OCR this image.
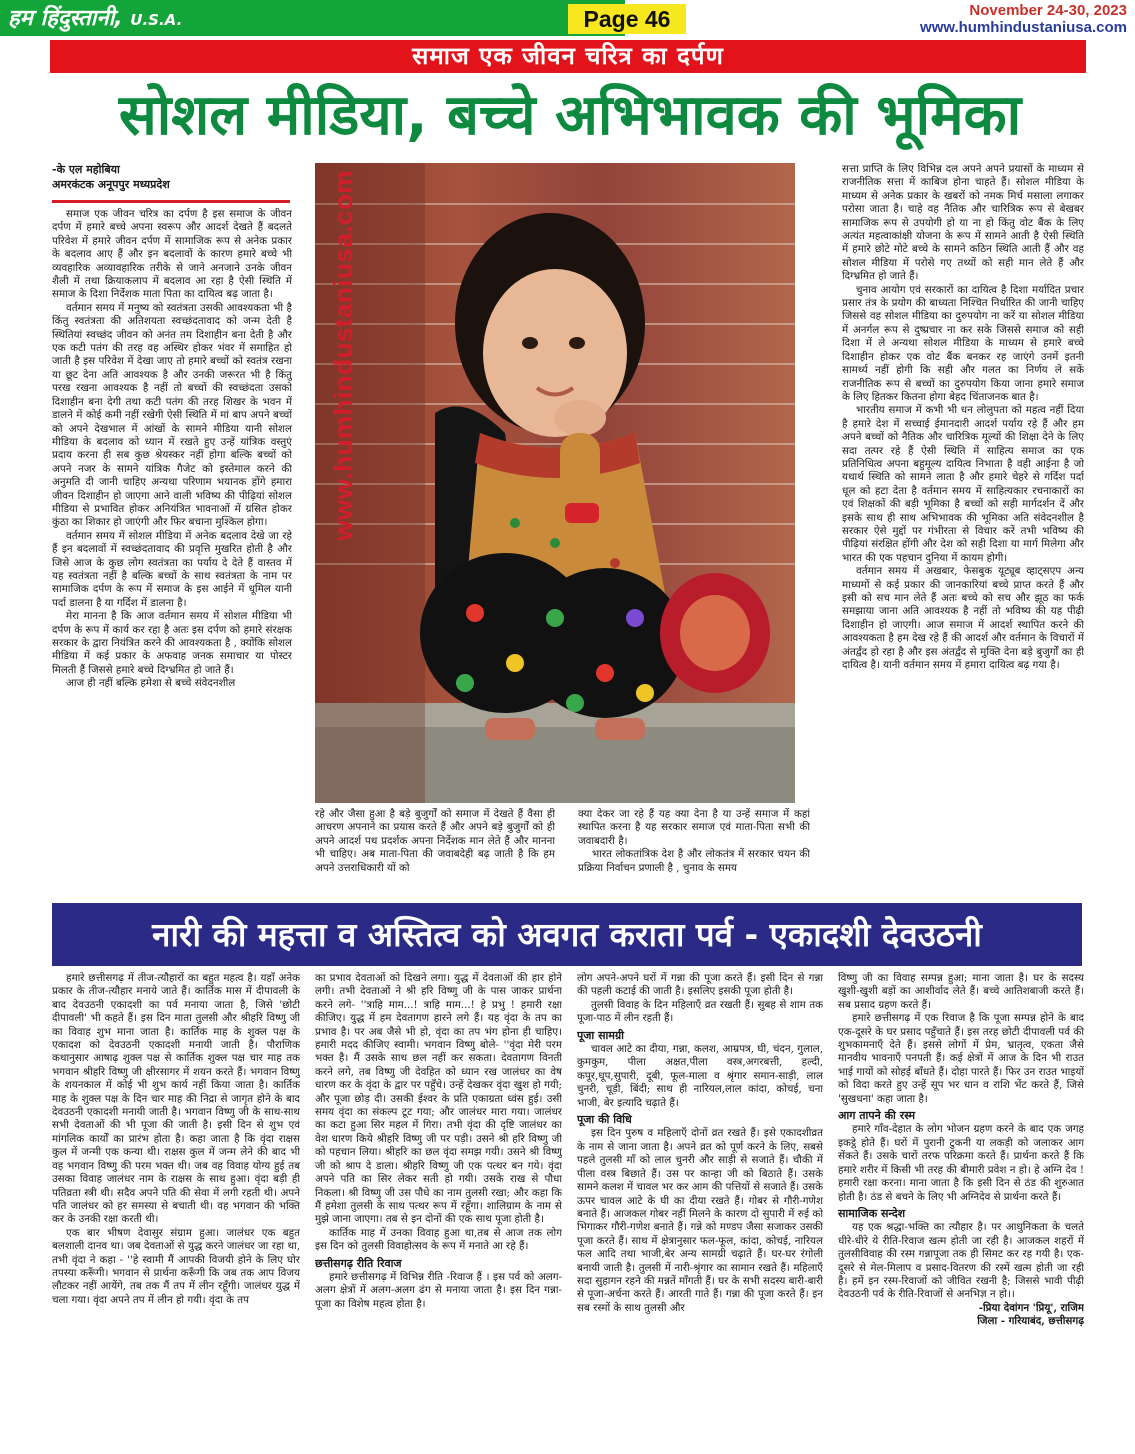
हम हिंदुस्तानी, U.S.A.	Page 46	November 24-30, 2023
www.humhindustaniusa.com
समाज एक जीवन चरित्र का दर्पण
सोशल मीडिया, बच्चे अभिभावक की भूमिका
-के एल महोबिया
अमरकंटक अनूपपुर मध्यप्रदेश

समाज एक जीवन चरित्र का दर्पण है इस समाज के जीवन दर्पण में हमारे बच्चे अपना स्वरूप और आदर्श देखते हैं बदलते परिवेश में हमारे जीवन दर्पण में सामाजिक रूप से अनेक प्रकार के बदलाव आए हैं और इन बदलावों के कारण हमारे बच्चे भी व्यवहारिक अव्यावहारिक तरीके से जाने अनजाने उनके जीवन शैली में तथा क्रियाकलाप में बदलाव आ रहा है ऐसी स्थिति में समाज के दिशा निर्देशक माता पिता का दायित्व बढ़ जाता है।

वर्तमान समय में मनुष्य को स्वतंत्रता उसकी आवश्यकता भी है किंतु स्वतंत्रता की अतिशयता स्वच्छंदतावाद को जन्म देती है स्थितियां स्वच्छंद जीवन को अनंत तम दिशाहीन बना देती है और एक कटी पतंग की तरह वह अस्थिर होकर भंवर में समाहित हो जाती है इस परिवेश में देखा जाए तो हमारे बच्चों को स्वतंत्र रखना या छूट देना अति आवश्यक है और उनकी जरूरत भी है किंतु परख रखना आवश्यक है नहीं तो बच्चों की स्वच्छंदता उसको दिशाहीन बना देगी तथा कटी पतंग की तरह शिखर के भवन में डालने में कोई कमी नहीं रखेगी ऐसी स्थिति में मां बाप अपने बच्चों को अपने देखभाल में आंखों के सामने मीडिया यानी सोशल मीडिया के बदलाव को ध्यान में रखते हुए उन्हें यांत्रिक वस्तुएं प्रदाय करना ही सब कुछ श्रेयस्कर नहीं होगा बल्कि बच्चों को अपने नजर के सामने यांत्रिक गैजेट को इस्तेमाल करने की अनुमति दी जानी चाहिए अन्यथा परिणाम भयानक होंगे हमारा जीवन दिशाहीन हो जाएगा आने वाली भविष्य की पीढ़ियां सोशल मीडिया से प्रभावित होकर अनियंत्रित भावनाओं में ग्रसित होकर कुंठा का शिकार हो जाएंगी और फिर बचाना मुश्किल होगा।

वर्तमान समय में सोशल मीडिया में अनेक बदलाव देखे जा रहे हैं इन बदलावों में स्वच्छंदतावाद की प्रवृत्ति मुखरित होती है और जिसे आज के कुछ लोग स्वतंत्रता का पर्याय दे देते हैं वास्तव में यह स्वतंत्रता नहीं है बल्कि बच्चों के साथ स्वतंत्रता के नाम पर सामाजिक दर्पण के रूप में समाज के इस आईने में धूमिल यानी पर्दा डालना है या गर्दिश में डालना है।

मेरा मानना है कि आज वर्तमान समय में सोशल मीडिया भी दर्पण के रूप में कार्य कर रहा है अतः इस दर्पण को हमारे संरक्षक सरकार के द्वारा नियंत्रित करने की आवश्यकता है , क्योंकि सोशल मीडिया में कई प्रकार के अफवाह जनक समाचार या पोस्टर मिलती हैं जिससे हमारे बच्चे दिग्भ्रमित हो जाते हैं।

आज ही नहीं बल्कि हमेशा से बच्चे संवेदनशील

www.humhindustaniusa.com

रहे और जैसा हुआ है बड़े बुजुर्गों को समाज में देखते हैं वैसा ही आचरण अपनाने का प्रयास करते हैं और अपने बड़े बुजुर्गों को ही अपने आदर्श पथ प्रदर्शक अपना निर्देशक मान लेते हैं और मानना भी चाहिए। अब माता-पिता की जवाबदेही बढ़ जाती है कि हम अपने उत्तराधिकारी यों को

क्या देकर जा रहे हैं यह क्या देना है या उन्हें समाज में कहां स्थापित करना है यह सरकार समाज एवं माता-पिता सभी की जवाबदारी है।

भारत लोकतांत्रिक देश है और लोकतंत्र में सरकार चयन की प्रक्रिया निर्वाचन प्रणाली है , चुनाव के समय

सत्ता प्राप्ति के लिए विभिन्न दल अपने अपने प्रयासों के माध्यम से राजनीतिक सत्ता में काबिज होना चाहते हैं। सोशल मीडिया के माध्यम से अनेक प्रकार के खबरों को नमक मिर्च मसाला लगाकर परोसा जाता है। चाहे वह नैतिक और चारित्रिक रूप से बेखबर सामाजिक रूप से उपयोगी हो या ना हो किंतु वोट बैंक के लिए अत्यंत महत्वाकांक्षी योजना के रूप में सामने आती है ऐसी स्थिति में हमारे छोटे मोटे बच्चे के सामने कठिन स्थिति आती हैं और वह सोशल मीडिया में परोसे गए तथ्यों को सही मान लेते हैं और दिग्भ्रमित हो जाते हैं।

चुनाव आयोग एवं सरकारों का दायित्व है दिशा मर्यादित प्रचार प्रसार तंत्र के प्रयोग की बाध्यता निश्चित निर्धारित की जानी चाहिए जिससे वह सोशल मीडिया का दुरुपयोग ना करें या सोशल मीडिया में अनर्गल रूप से दुष्प्रचार ना कर सके जिससे समाज को सही दिशा में ले अन्यथा सोशल मीडिया के माध्यम से हमारे बच्चे दिशाहीन होकर एक वोट बैंक बनकर रह जाएंगे उनमें इतनी सामर्थ्य नहीं होगी कि सही और गलत का निर्णय ले सकें राजनीतिक रूप से बच्चों का दुरुपयोग किया जाना हमारे समाज के लिए हितकर कितना होगा बेहद चिंताजनक बात है।

भारतीय समाज में कभी भी धन लोलुपता को महत्व नहीं दिया है हमारे देश में सच्चाई ईमानदारी आदर्श पर्याय रहे हैं और हम अपने बच्चों को नैतिक और चारित्रिक मूल्यों की शिक्षा देने के लिए सदा तत्पर रहे हैं ऐसी स्थिति में साहित्य समाज का एक प्रतिनिधित्व अपना बहुमूल्य दायित्व निभाता है वही आईना है जो यथार्थ स्थिति को सामने लाता है और हमारे चेहरे से गर्दिश पर्दा धूल को हटा देता है वर्तमान समय में साहित्यकार रचनाकारों का एवं शिक्षकों की बड़ी भूमिका है बच्चों को सही मार्गदर्शन दें और इसके साथ ही साथ अभिभावक की भूमिका अति संवेदनशील है सरकार ऐसे मुद्दों पर गंभीरता से विचार करें तभी भविष्य की पीढ़ियां संरक्षित होंगी और देश को सही दिशा या मार्ग मिलेगा और भारत की एक पहचान दुनिया में कायम होगी।

वर्तमान समय में अखबार, फेसबुक यूट्यूब व्हाट्सएप अन्य माध्यमों से कई प्रकार की जानकारियां बच्चे प्राप्त करते हैं और इसी को सच मान लेते हैं अतः बच्चे को सच और झूठ का फर्क समझाया जाना अति आवश्यक है नहीं तो भविष्य की यह पीढ़ी दिशाहीन हो जाएगी। आज समाज में आदर्श स्थापित करने की आवश्यकता है हम देख रहे हैं की आदर्श और वर्तमान के विचारों में अंतर्द्वंद हो रहा है और इस अंतर्द्वंद से मुक्ति देना बड़े बुजुर्गों का ही दायित्व है। यानी वर्तमान समय में हमारा दायित्व बढ़ गया है।

नारी की महत्ता व अस्तित्व को अवगत कराता पर्व - एकादशी देवउठनी

हमारे छत्तीसगढ़ में तीज-त्यौहारों का बहुत महत्व है। यहाँ अनेक प्रकार के तीज-त्यौहार मनाये जाते हैं। कार्तिक मास में दीपावली के बाद देवउठनी एकादशी का पर्व मनाया जाता है, जिसे 'छोटी दीपावली' भी कहते हैं। इस दिन माता तुलसी और श्रीहरि विष्णु जी का विवाह शुभ माना जाता है। कार्तिक माह के शुक्ल पक्ष के एकादश को देवउठनी एकादशी मनायी जाती है। पौराणिक कथानुसार आषाढ़ शुक्ल पक्ष से कार्तिक शुक्ल पक्ष चार माह तक भगवान श्रीहरि विष्णु जी क्षीरसागर में शयन करते हैं। भगवान विष्णु के शयनकाल में कोई भी शुभ कार्य नहीं किया जाता है। कार्तिक माह के शुक्ल पक्ष के दिन चार माह की निद्रा से जागृत होने के बाद देवउठनी एकादशी मनायी जाती है। भगवान विष्णु जी के साथ-साथ सभी देवताओं की भी पूजा की जाती है। इसी दिन से शुभ एवं मांगलिक कार्यों का प्रारंभ होता है। कहा जाता है कि वृंदा राक्षस कुल में जन्मी एक कन्या थी। राक्षस कुल में जन्म लेने की बाद भी वह भगवान विष्णु की परम भक्त थी। जब वह विवाह योग्य हुई तब उसका विवाह जालंधर नाम के राक्षस के साथ हुआ। वृंदा बड़ी ही पतिव्रता स्त्री थी। सदैव अपने पति की सेवा में लगी रहती थी। अपने पति जालंधर को हर समस्या से बचाती थी। वह भगवान की भक्ति कर के उनकी रक्षा करती थी।

एक बार भीषण देवासुर संग्राम हुआ। जालंधर एक बहुत बलशाली दानव था। जब देवताओं से युद्ध करने जालंधर जा रहा था, तभी वृंदा ने कहा - ''हे स्वामी मैं आपकी विजयी होने के लिए घोर तपस्या करूँगी। भगवान से प्रार्थना करूँगी कि जब तक आप विजय लौटकर नहीं आयेंगे, तब तक मैं तप में लीन रहूँगी। जालंधर युद्ध में चला गया। वृंदा अपने तप में लीन हो गयी। वृंदा के तप

का प्रभाव देवताओं को दिखने लगा। युद्ध में देवताओं की हार होने लगी। तभी देवताओं ने श्री हरि विष्णु जी के पास जाकर प्रार्थना करने लगे- ''त्राहि माम...! त्राहि माम...! हे प्रभु ! हमारी रक्षा कीजिए। युद्ध में हम देवतागण हारने लगे हैं। यह वृंदा के तप का प्रभाव है। पर अब जैसे भी हो, वृंदा का तप भंग होना ही चाहिए। हमारी मदद कीजिए स्वामी। भगवान विष्णु बोले- ''वृंदा मेरी परम भक्त है। मैं उसके साथ छल नहीं कर सकता। देवतागण विनती करने लगे, तब विष्णु जी देवहित को ध्यान रख जालंधर का वेष धारण कर के वृंदा के द्वार पर पहुँचे। उन्हें देखकर वृंदा खुश हो गयी; और पूजा छोड़ दी। उसकी ईश्वर के प्रति एकाग्रता ध्वंस हुई। उसी समय वृंदा का संकल्प टूट गया; और जालंधर मारा गया। जालंधर का कटा हुआ सिर महल में गिरा। तभी वृंदा की दृष्टि जालंधर का वेश धारण किये श्रीहरि विष्णु जी पर पड़ी। उसने श्री हरि विष्णु जी को पहचान लिया। श्रीहरि का छल वृंदा समझ गयी। उसने श्री विष्णु जी को श्राप दे डाला। श्रीहरि विष्णु जी एक पत्थर बन गये। वृंदा अपने पति का सिर लेकर सती हो गयी। उसके राख से पौधा निकला। श्री विष्णु जी उस पौधे का नाम तुलसी रखा; और कहा कि मैं हमेशा तुलसी के साथ पत्थर रूप में रहूँगा। शालिग्राम के नाम से मुझे जाना जाएगा। तब से इन दोनों की एक साथ पूजा होती है।

कार्तिक माह में उनका विवाह हुआ था,तब से आज तक लोग इस दिन को तुलसी विवाहोत्सव के रूप में मनाते आ रहे हैं।

छत्तीसगढ़ रीति रिवाज

हमारे छत्तीसगढ़ में विभिन्न रीति -रिवाज हैं । इस पर्व को अलग-अलग क्षेत्रों में अलग-अलग ढंग से मनाया जाता है। इस दिन गन्ना-पूजा का विशेष महत्व होता है।

लोग अपने-अपने घरों में गन्ना की पूजा करते हैं। इसी दिन से गन्ना की पहली कटाई की जाती है। इसलिए इसकी पूजा होती है।

तुलसी विवाह के दिन महिलाएँ व्रत रखती हैं। सुबह से शाम तक पूजा-पाठ में लीन रहती हैं।

पूजा सामग्री

चावल आटे का दीया, गन्ना, कलश, आम्रपत्र, घी, चंदन, गुलाल, कुमकुम, पीला अक्षत,पीला वस्त्र,अगरबत्ती, हल्दी, कपूर,धूप,सुपारी, दूबी, फूल-माला व श्रृंगार समान-साड़ी, लाल चुनरी, चूड़ी, बिंदी; साथ ही नारियल,लाल कांदा, कोचई, चना भाजी, बेर इत्यादि चढ़ाते हैं।

पूजा की विधि

इस दिन पुरुष व महिलाएँ दोनों व्रत रखते हैं। इसे एकादशीव्रत के नाम से जाना जाता है। अपने व्रत को पूर्ण करने के लिए, सबसे पहले तुलसी माँ को लाल चुनरी और साड़ी से सजाते हैं। चौकी में पीला वस्त्र बिछाते हैं। उस पर कान्हा जी को बिठाते हैं। उसके सामने कलश में चावल भर कर आम की पत्तियों से सजाते हैं। उसके ऊपर चावल आटे के घी का दीया रखते हैं। गोबर से गौरी-गणेश बनाते हैं। आजकल गोबर नहीं मिलने के कारण दो सुपारी में रुई को भिगाकर गौरी-गणेश बनाते हैं। गन्ने को मण्डप जैसा सजाकर उसकी पूजा करते हैं। साथ में क्षेत्रानुसार फल-फूल, कांदा, कोचई, नारियल फल आदि तथा भाजी,बेर अन्य सामग्री चढ़ाते हैं। घर-घर रंगोली बनायी जाती है। तुलसी में नारी-श्रृंगार का सामान रखते हैं। महिलाएँ सदा सुहागन रहने की मन्नतें माँगती हैं। घर के सभी सदस्य बारी-बारी से पूजा-अर्चना करते हैं। आरती गाते हैं। गन्ना की पूजा करते हैं। इन सब रस्मों के साथ तुलसी और

विष्णु जी का विवाह सम्पन्न हुआ; माना जाता है। घर के सदस्य खुशी-खुशी बड़ों का आशीर्वाद लेते हैं। बच्चे आतिशबाजी करते हैं। सब प्रसाद ग्रहण करते हैं।

हमारे छत्तीसगढ़ में एक रिवाज है कि पूजा सम्पन्न होने के बाद एक-दूसरे के घर प्रसाद पहुँचाते हैं। इस तरह छोटी दीपावली पर्व की शुभकामनाएँ देते हैं। इससे लोगों में प्रेम, भ्रातृत्व, एकता जैसे मानवीय भावनाएँ पनपती हैं। कई क्षेत्रों में आज के दिन भी राउत भाई गायों को सोहई बाँधते हैं। दोहा पारते हैं। फिर उन राउत भाइयों को विदा करते हुए उन्हें सूप भर धान व राशि भेंट करते हैं, जिसे 'सुखधना' कहा जाता है।

आग तापने की रस्म

हमारे गाँव-देहात के लोग भोजन ग्रहण करने के बाद एक जगह इकट्ठे होते हैं। घरों में पुरानी टुकनी या लकड़ी को जलाकर आग सेंकते हैं। उसके चारों तरफ परिक्रमा करते हैं। प्रार्थना करते हैं कि हमारे शरीर में किसी भी तरह की बीमारी प्रवेश न हो। हे अग्नि देव ! हमारी रक्षा करना। माना जाता है कि इसी दिन से ठंड की शुरुआत होती है। ठंड से बचने के लिए भी अग्निदेव से प्रार्थना करते हैं।

सामाजिक सन्देश

यह एक श्रद्धा-भक्ति का त्यौहार है। पर आधुनिकता के चलते धीरे-धीरे ये रीति-रिवाज खत्म होती जा रही है। आजकल शहरों में तुलसीविवाह की रस्म गन्नापूजा तक ही सिमट कर रह गयी है। एक-दूसरे से मेल-मिलाप व प्रसाद-वितरण की रस्में खत्म होती जा रही है। हमें इन रस्म-रिवाजों को जीवित रखनी है; जिससे भावी पीढ़ी देवउठनी पर्व के रीति-रिवाजों से अनभिज्ञ न हो।।

-प्रिया देवांगन 'प्रियू', राजिम

जिला - गरियाबंद, छत्तीसगढ़
